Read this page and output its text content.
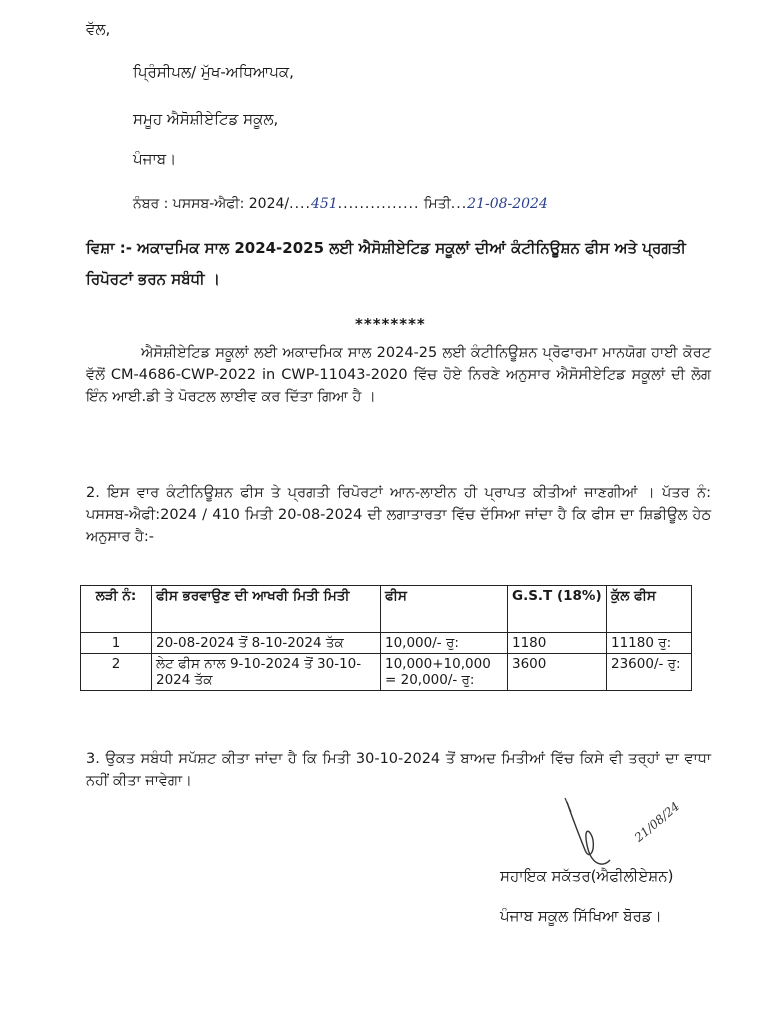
ਵੱਲ,
ਪ੍ਰਿੰਸੀਪਲ/ ਮੁੱਖ-ਅਧਿਆਪਕ,
ਸਮੂਹ ਐਸੋਸ਼ੀਏਟਿਡ ਸਕੂਲ,
ਪੰਜਾਬ।
ਨੰਬਰ : ਪਸਸਬ-ਐਫੀ: 2024/....451............... ਮਿਤੀ...21-08-2024
ਵਿਸ਼ਾ :- ਅਕਾਦਮਿਕ ਸਾਲ 2024-2025 ਲਈ ਐਸੋਸ਼ੀਏਟਿਡ ਸਕੂਲਾਂ ਦੀਆਂ ਕੰਟੀਨਿਊਸ਼ਨ ਫੀਸ ਅਤੇ ਪ੍ਰਗਤੀ ਰਿਪੋਰਟਾਂ ਭਰਨ ਸਬੰਧੀ ।
********
ਐਸੋਸ਼ੀਏਟਿਡ ਸਕੂਲਾਂ ਲਈ ਅਕਾਦਮਿਕ ਸਾਲ 2024-25 ਲਈ ਕੰਟੀਨਿਊਸ਼ਨ ਪ੍ਰੋਫਾਰਮਾ ਮਾਨਯੋਗ ਹਾਈ ਕੋਰਟ ਵੱਲੋਂ CM-4686-CWP-2022 in CWP-11043-2020 ਵਿੱਚ ਹੋਏ ਨਿਰਣੇ ਅਨੁਸਾਰ ਐਸੋਸੀਏਟਿਡ ਸਕੂਲਾਂ ਦੀ ਲੋਗ ਇੰਨ ਆਈ.ਡੀ ਤੇ ਪੋਰਟਲ ਲਾਈਵ ਕਰ ਦਿੱਤਾ ਗਿਆ ਹੈ ।
2. ਇਸ ਵਾਰ ਕੰਟੀਨਿਊਸ਼ਨ ਫੀਸ ਤੇ ਪ੍ਰਗਤੀ ਰਿਪੋਰਟਾਂ ਆਨ-ਲਾਈਨ ਹੀ ਪ੍ਰਾਪਤ ਕੀਤੀਆਂ ਜਾਣਗੀਆਂ । ਪੱਤਰ ਨੰ: ਪਸਸਬ-ਐਫੀ:2024 / 410 ਮਿਤੀ 20-08-2024 ਦੀ ਲਗਾਤਾਰਤਾ ਵਿੱਚ ਦੱਸਿਆ ਜਾਂਦਾ ਹੈ ਕਿ ਫੀਸ ਦਾ ਸ਼ਿਡੀਊਲ ਹੇਠ ਅਨੁਸਾਰ ਹੈ:-
ਲੜੀ ਨੰ:	ਫੀਸ ਭਰਵਾਉਣ ਦੀ ਆਖਰੀ ਮਿਤੀ ਮਿਤੀ	ਫੀਸ	G.S.T (18%)	ਕੁੱਲ ਫੀਸ
1	20-08-2024 ਤੋਂ 8-10-2024 ਤੱਕ	10,000/- ਰੁ:	1180	11180 ਰੁ:
2	ਲੇਟ ਫੀਸ ਨਾਲ 9-10-2024 ਤੋਂ 30-10-2024 ਤੱਕ	10,000+10,000 = 20,000/- ਰੁ:	3600	23600/- ਰੁ:
3. ਉਕਤ ਸਬੰਧੀ ਸਪੱਸ਼ਟ ਕੀਤਾ ਜਾਂਦਾ ਹੈ ਕਿ ਮਿਤੀ 30-10-2024 ਤੋਂ ਬਾਅਦ ਮਿਤੀਆਂ ਵਿੱਚ ਕਿਸੇ ਵੀ ਤਰ੍ਹਾਂ ਦਾ ਵਾਧਾ ਨਹੀਂ ਕੀਤਾ ਜਾਵੇਗਾ।
21/08/24
ਸਹਾਇਕ ਸਕੱਤਰ(ਐਫੀਲੀਏਸ਼ਨ)
ਪੰਜਾਬ ਸਕੂਲ ਸਿੱਖਿਆ ਬੋਰਡ।
